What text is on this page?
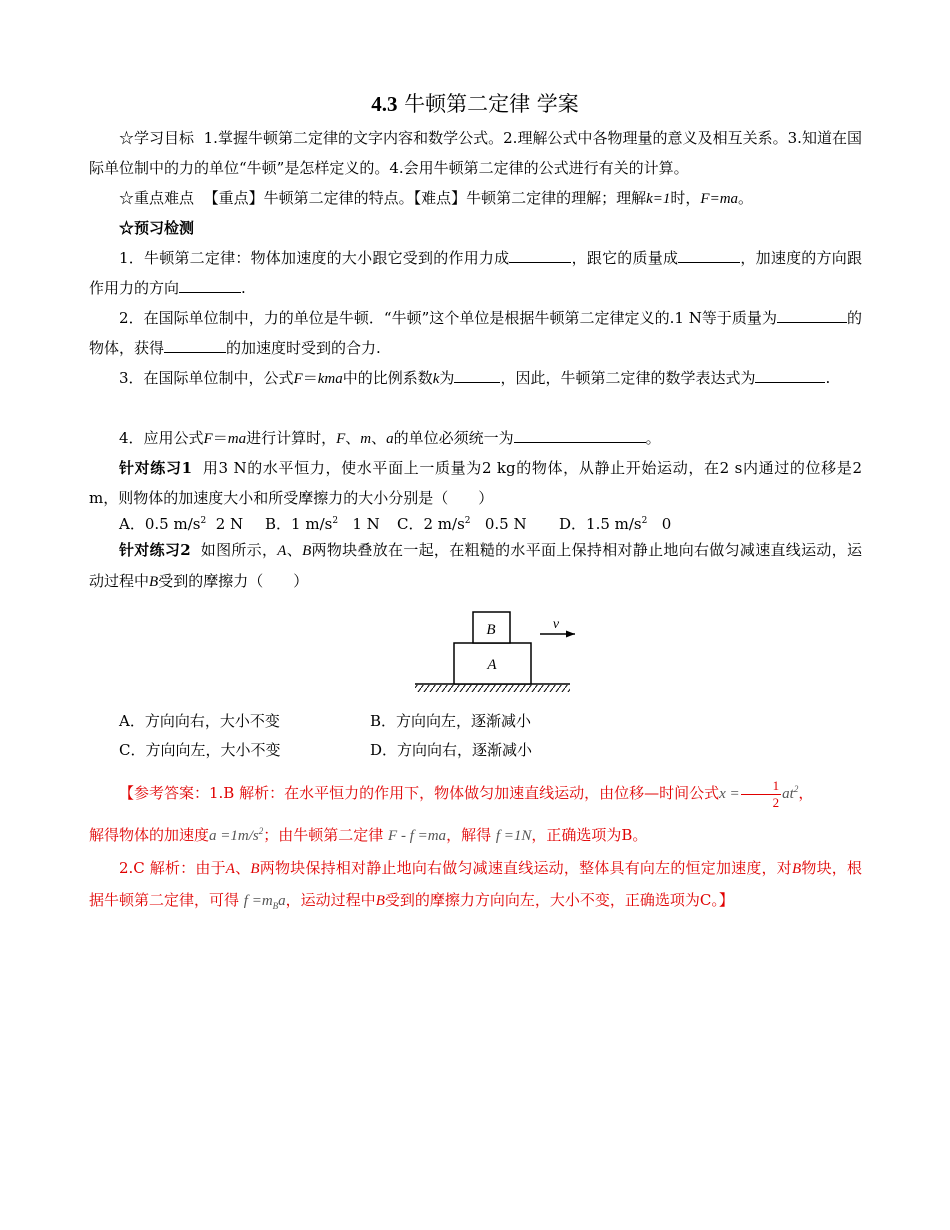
4.3 牛顿第二定律 学案
☆学习目标 1.掌握牛顿第二定律的文字内容和数学公式。2.理解公式中各物理量的意义及相互关系。3.知道在国际单位制中的力的单位“牛顿”是怎样定义的。4.会用牛顿第二定律的公式进行有关的计算。
☆重点难点 【重点】牛顿第二定律的特点。【难点】牛顿第二定律的理解；理解k=1时，F=ma。
☆预习检测
1．牛顿第二定律：物体加速度的大小跟它受到的作用力成	，跟它的质量成	，加速度的方向跟作用力的方向	.
2．在国际单位制中，力的单位是牛顿．“牛顿”这个单位是根据牛顿第二定律定义的.1 N等于质量为	的物体，获得	的加速度时受到的合力.
3．在国际单位制中，公式F＝kma中的比例系数k为	，因此，牛顿第二定律的数学表达式为	.
4．应用公式F＝ma进行计算时，F、m、a的单位必须统一为	。
针对练习1 用3 N的水平恒力，使水平面上一质量为2 kg的物体，从静止开始运动，在2 s内通过的位移是2 m，则物体的加速度大小和所受摩擦力的大小分别是（　　）
A．0.5 $m/s^2$ 2 N B．1 $m/s^2$ 1 N C．2 $m/s^2$ 0.5 N D．1.5 $m/s^2$ 0
针对练习2 如图所示，A、B两物块叠放在一起，在粗糙的水平面上保持相对静止地向右做匀减速直线运动，运动过程中B受到的摩擦力（　　）
A
B	v
A．方向向右，大小不变	B．方向向左，逐渐减小
C．方向向左，大小不变	D．方向向右，逐渐减小
【参考答案：1.B 解析：在水平恒力的作用下，物体做匀加速直线运动，由位移—时间公式$x = \frac{1}{2} at^2$，
解得物体的加速度$a =1m/s^2$；由牛顿第二定律 F - f =ma，解得 f =1N，正确选项为B。
2.C 解析：由于A、B两物块保持相对静止地向右做匀减速直线运动，整体具有向左的恒定加速度，对B物块，根据牛顿第二定律，可得 $f =m_Ba$，运动过程中B受到的摩擦力方向向左，大小不变，正确选项为C。】
